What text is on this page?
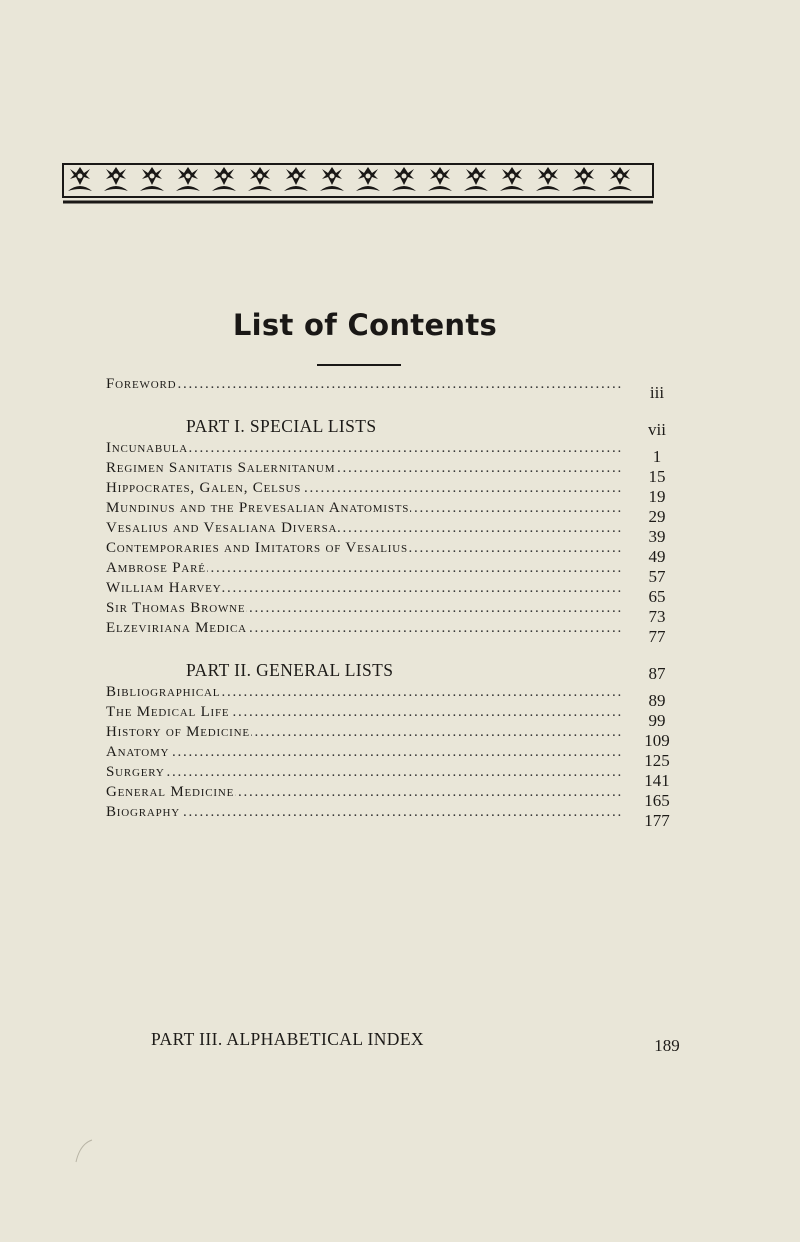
List of Contents
Foreword . . .	iii
PART I. SPECIAL LISTS	vii
Incunabula . . .	1
Regimen Sanitatis Salernitanum . . .	15
Hippocrates, Galen, Celsus . . .	19
Mundinus and the Prevesalian Anatomists . . .	29
Vesalius and Vesaliana Diversa . . .	39
Contemporaries and Imitators of Vesalius . . .	49
Ambrose Paré . . .	57
William Harvey . . .	65
Sir Thomas Browne . . .	73
Elzeviriana Medica . . .	77
PART II. GENERAL LISTS	87
Bibliographical . . .	89
The Medical Life . . .	99
History of Medicine . . .	109
Anatomy . . .	125
Surgery . . .	141
General Medicine . . .	165
Biography . . .	177
PART III. ALPHABETICAL INDEX	189
